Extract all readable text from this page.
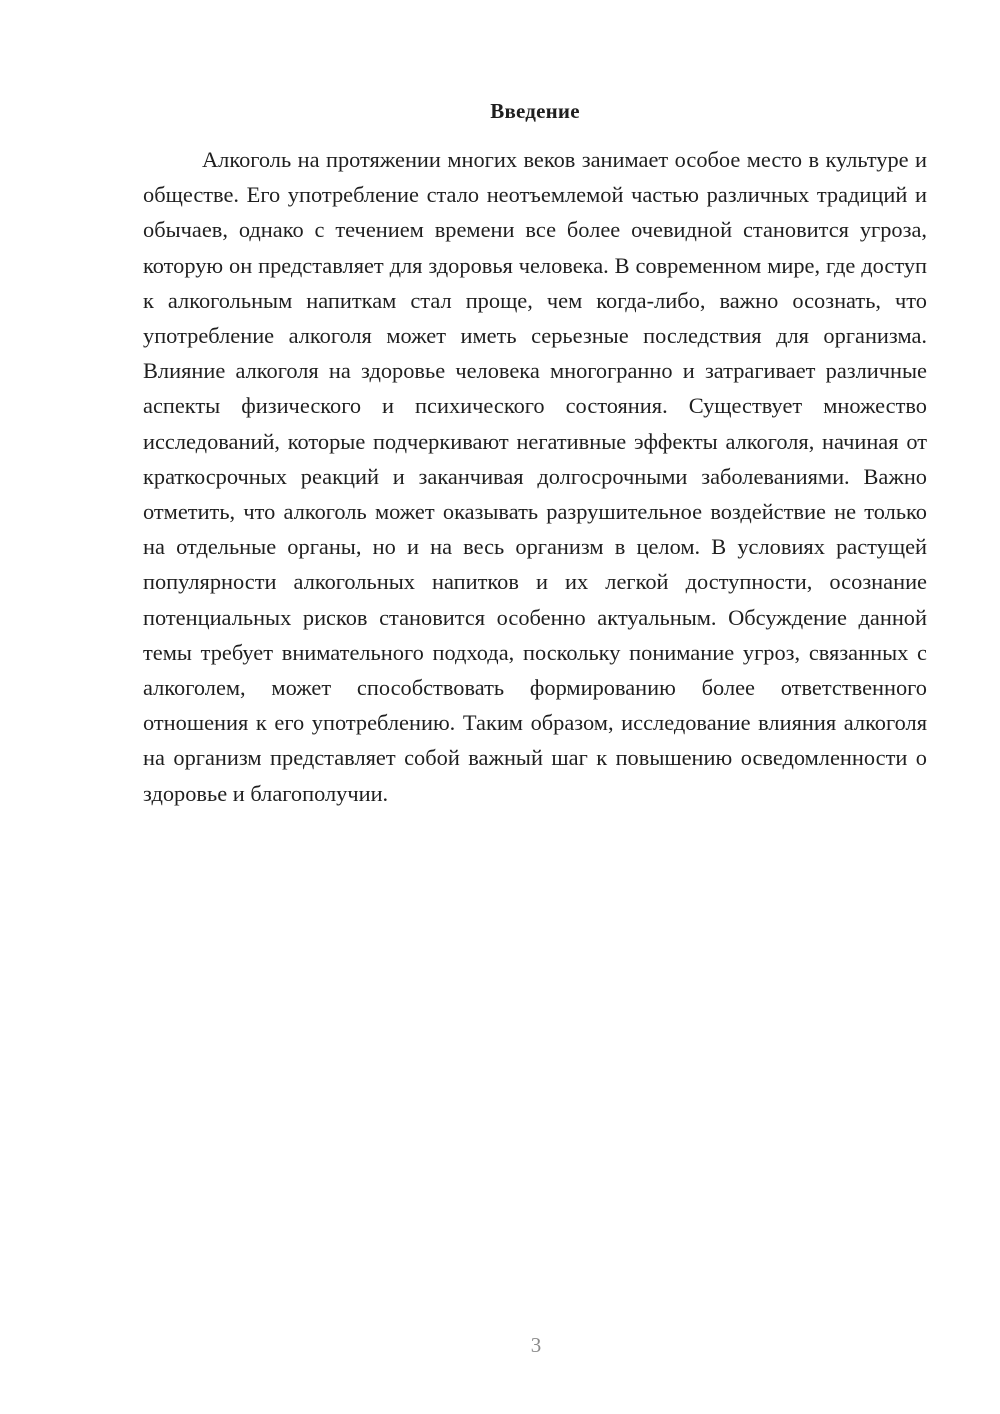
Введение

Алкоголь на протяжении многих веков занимает особое место в культуре и обществе. Его употребление стало неотъемлемой частью различных традиций и обычаев, однако с течением времени все более очевидной становится угроза, которую он представляет для здоровья человека. В современном мире, где доступ к алкогольным напиткам стал проще, чем когда-либо, важно осознать, что употребление алкоголя может иметь серьезные последствия для организма. Влияние алкоголя на здоровье человека многогранно и затрагивает различные аспекты физического и психического состояния. Существует множество исследований, которые подчеркивают негативные эффекты алкоголя, начиная от краткосрочных реакций и заканчивая долгосрочными заболеваниями. Важно отметить, что алкоголь может оказывать разрушительное воздействие не только на отдельные органы, но и на весь организм в целом. В условиях растущей популярности алкогольных напитков и их легкой доступности, осознание потенциальных рисков становится особенно актуальным. Обсуждение данной темы требует внимательного подхода, поскольку понимание угроз, связанных с алкоголем, может способствовать формированию более ответственного отношения к его употреблению. Таким образом, исследование влияния алкоголя на организм представляет собой важный шаг к повышению осведомленности о здоровье и благополучии.

3
